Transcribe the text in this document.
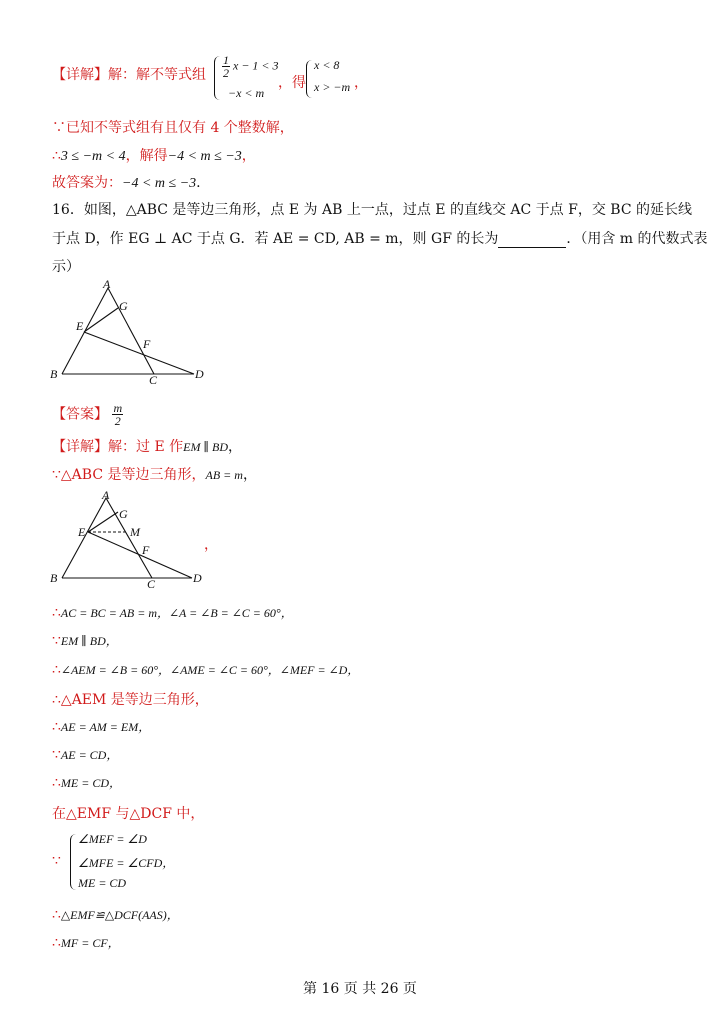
【详解】解：解不等式组 $\frac{1}{2}$ x − 1 < 3
−x < m
，得
x < 8
x > −m ，
∵已知不等式组有且仅有 4 个整数解，
∴3 ≤ −m < 4，解得−4 < m ≤ −3，
故答案为：−4 < m ≤ −3.
16．如图，△ABC 是等边三角形，点 E 为 AB 上一点，过点 E 的直线交 AC 于点 F，交 BC 的延长线
于点 D，作 EG ⊥ AC 于点 G．若 AE = CD, AB = m，则 GF 的长为	．（用含 m 的代数式表
示）
A
G
E
F
B	C	D
【答案】 $\frac{m}{2}$
【详解】解：过 E 作EM ∥ BD，
∵△ABC 是等边三角形，AB = m，
A
G
E	M
F
B	C	D
，
∴AC = BC = AB = m，∠A = ∠B = ∠C = 60°，
∵EM ∥ BD，
∴∠AEM = ∠B = 60°，∠AME = ∠C = 60°，∠MEF = ∠D，
∴△AEM 是等边三角形，
∴AE = AM = EM，
∵AE = CD，
∴ME = CD，
在△EMF 与△DCF 中，
∵
∠MEF = ∠D
∠MFE = ∠CFD，
ME = CD
∴△EMF≌△DCF(AAS)，
∴MF = CF，
第 16 页 共 26 页
